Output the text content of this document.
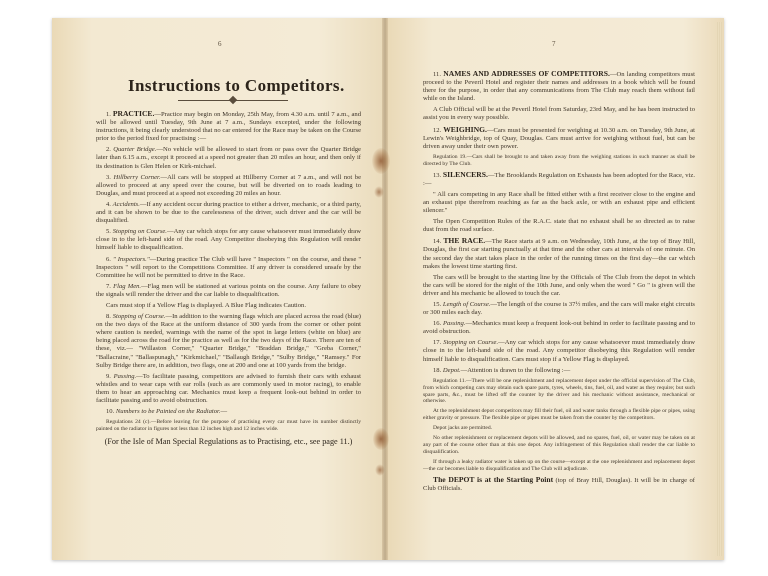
6	7
Instructions to Competitors.

1. PRACTICE.—Practice may begin on Monday, 25th May, from 4.30 a.m. until 7 a.m., and will be allowed until Tuesday, 9th June at 7 a.m., Sundays excepted, under the following instructions, it being clearly understood that no car entered for the Race may be taken on the Course prior to the period fixed for practising :—

2. Quarter Bridge.—No vehicle will be allowed to start from or pass over the Quarter Bridge later than 6.15 a.m., except it proceed at a speed not greater than 20 miles an hour, and then only if its destination is Glen Helen or Kirk-michael.

3. Hillberry Corner.—All cars will be stopped at Hillberry Corner at 7 a.m., and will not be allowed to proceed at any speed over the course, but will be diverted on to roads leading to Douglas, and must proceed at a speed not exceeding 20 miles an hour.

4. Accidents.—If any accident occur during practice to either a driver, mechanic, or a third party, and it can be shown to be due to the carelessness of the driver, such driver and the car will be disqualified.

5. Stopping on Course.—Any car which stops for any cause whatsoever must immediately draw close in to the left-hand side of the road. Any Competitor disobeying this Regulation will render himself liable to disqualification.

6. " Inspectors."—During practice The Club will have " Inspectors " on the course, and these " Inspectors " will report to the Competitions Committee. If any driver is considered unsafe by the Committee he will not be permitted to drive in the Race.

7. Flag Men.—Flag men will be stationed at various points on the course. Any failure to obey the signals will render the driver and the car liable to disqualification.

Cars must stop if a Yellow Flag is displayed. A Blue Flag indicates Caution.

8. Stopping of Course.—In addition to the warning flags which are placed across the road (blue) on the two days of the Race at the uniform distance of 300 yards from the corner or other point where caution is needed, warnings with the name of the spot in large letters (white on blue) are being placed across the road for the practice as well as for the two days of the Race. There are ten of these, viz.— "Willaston Corner," "Quarter Bridge," "Braddan Bridge," "Greba Corner," "Ballacraine," "Ballaspunagh," "Kirkmichael," "Ballaugh Bridge," "Sulby Bridge," "Ramsey." For Sulby Bridge there are, in addition, two flags, one at 200 and one at 100 yards from the bridge.

9. Passing.—To facilitate passing, competitors are advised to furnish their cars with exhaust whistles and to wear caps with ear rolls (such as are commonly used in motor racing), to enable them to hear an approaching car. Mechanics must keep a frequent look-out behind in order to facilitate passing and to avoid obstruction.

10. Numbers to be Painted on the Radiator.—

Regulations 24 (c).—Before leaving for the purpose of practising every car must have its number distinctly painted on the radiator in figures not less than 12 inches high and 12 inches wide.

(For the Isle of Man Special Regulations as to Practising, etc., see page 11.)

11. NAMES AND ADDRESSES OF COMPETITORS.—On landing competitors must proceed to the Peveril Hotel and register their names and addresses in a book which will be found there for the purpose, in order that any communications from The Club may reach them without fail while on the Island.

A Club Official will be at the Peveril Hotel from Saturday, 23rd May, and he has been instructed to assist you in every way possible.

12. WEIGHING.—Cars must be presented for weighing at 10.30 a.m. on Tuesday, 9th June, at Lewin's Weighbridge, top of Quay, Douglas. Cars must arrive for weighing without fuel, but can be driven away under their own power.

Regulation 19.—Cars shall be brought to and taken away from the weighing stations in such manner as shall be directed by The Club.

13. SILENCERS.—The Brooklands Regulation on Exhausts has been adopted for the Race, viz. :—

" All cars competing in any Race shall be fitted either with a first receiver close to the engine and an exhaust pipe therefrom reaching as far as the back axle, or with an exhaust pipe and efficient silencer."

The Open Competition Rules of the R.A.C. state that no exhaust shall be so directed as to raise dust from the road surface.

14. THE RACE.—The Race starts at 9 a.m. on Wednesday, 10th June, at the top of Bray Hill, Douglas, the first car starting punctually at that time and the other cars at intervals of one minute. On the second day the start takes place in the order of the running times on the first day—the car which makes the lowest time starting first.

The cars will be brought to the starting line by the Officials of The Club from the depot in which the cars will be stored for the night of the 10th June, and only when the word " Go " is given will the driver and his mechanic be allowed to touch the car.

15. Length of Course.—The length of the course is 37½ miles, and the cars will make eight circuits or 300 miles each day.

16. Passing.—Mechanics must keep a frequent look-out behind in order to facilitate passing and to avoid obstruction.

17. Stopping on Course.—Any car which stops for any cause whatsoever must immediately draw close in to the left-hand side of the road. Any competitor disobeying this Regulation will render himself liable to disqualification. Cars must stop if a Yellow Flag is displayed.

18. Depot.—Attention is drawn to the following :—

Regulation 11.—There will be one replenishment and replacement depot under the official supervision of The Club, from which competing cars may obtain such spare parts, tyres, wheels, tins, fuel, oil, and water as they require; but such spare parts, &c., must be lifted off the counter by the driver and his mechanic without assistance, mechanical or otherwise.

At the replenishment depot competitors may fill their fuel, oil and water tanks through a flexible pipe or pipes, using either gravity or pressure. The flexible pipe or pipes must be taken from the counter by the competitors.

Depot jacks are permitted.

No other replenishment or replacement depots will be allowed, and no spares, fuel, oil, or water may be taken on at any part of the course other than at this one depot. Any infringement of this Regulation shall render the car liable to disqualification.

If through a leaky radiator water is taken up on the course—except at the one replenishment and replacement depot—the car becomes liable to disqualification and The Club will adjudicate.

The DEPOT is at the Starting Point (top of Bray Hill, Douglas). It will be in charge of Club Officials.
